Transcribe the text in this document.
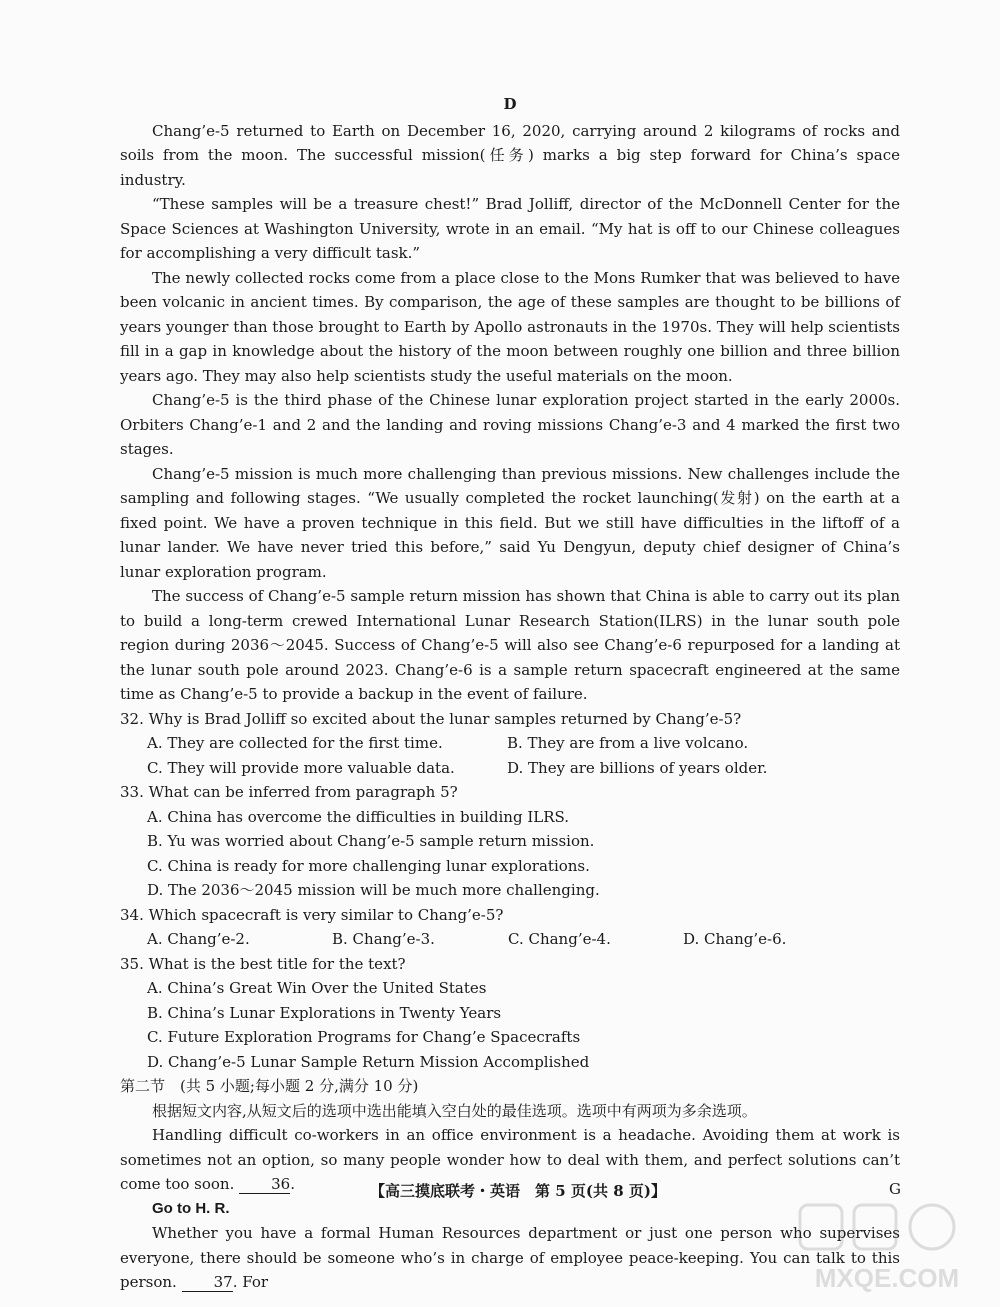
D

Chang’e-5 returned to Earth on December 16, 2020, carrying around 2 kilograms of rocks and soils from the moon. The successful mission(任务) marks a big step forward for China’s space industry.

“These samples will be a treasure chest!” Brad Jolliff, director of the McDonnell Center for the Space Sciences at Washington University, wrote in an email. “My hat is off to our Chinese colleagues for accomplishing a very difficult task.”

The newly collected rocks come from a place close to the Mons Rumker that was believed to have been volcanic in ancient times. By comparison, the age of these samples are thought to be billions of years younger than those brought to Earth by Apollo astronauts in the 1970s. They will help scientists fill in a gap in knowledge about the history of the moon between roughly one billion and three billion years ago. They may also help scientists study the useful materials on the moon.

Chang’e-5 is the third phase of the Chinese lunar exploration project started in the early 2000s. Orbiters Chang’e-1 and 2 and the landing and roving missions Chang’e-3 and 4 marked the first two stages.

Chang’e-5 mission is much more challenging than previous missions. New challenges include the sampling and following stages. “We usually completed the rocket launching(发射) on the earth at a fixed point. We have a proven technique in this field. But we still have difficulties in the liftoff of a lunar lander. We have never tried this before,” said Yu Dengyun, deputy chief designer of China’s lunar exploration program.

The success of Chang’e-5 sample return mission has shown that China is able to carry out its plan to build a long-term crewed International Lunar Research Station(ILRS) in the lunar south pole region during 2036～2045. Success of Chang’e-5 will also see Chang’e-6 repurposed for a landing at the lunar south pole around 2023. Chang’e-6 is a sample return spacecraft engineered at the same time as Chang’e-5 to provide a backup in the event of failure.

32. Why is Brad Jolliff so excited about the lunar samples returned by Chang’e-5?

A. They are collected for the first time.	B. They are from a live volcano.

C. They will provide more valuable data.	D. They are billions of years older.

33. What can be inferred from paragraph 5?

A. China has overcome the difficulties in building ILRS.

B. Yu was worried about Chang’e-5 sample return mission.

C. China is ready for more challenging lunar explorations.

D. The 2036～2045 mission will be much more challenging.

34. Which spacecraft is very similar to Chang’e-5?

A. Chang’e-2.	B. Chang’e-3.	C. Chang’e-4.	D. Chang’e-6.

35. What is the best title for the text?

A. China’s Great Win Over the United States

B. China’s Lunar Explorations in Twenty Years

C. Future Exploration Programs for Chang’e Spacecrafts

D. Chang’e-5 Lunar Sample Return Mission Accomplished

第二节　(共 5 小题;每小题 2 分,满分 10 分)

根据短文内容,从短文后的选项中选出能填入空白处的最佳选项。选项中有两项为多余选项。

Handling difficult co-workers in an office environment is a headache. Avoiding them at work is sometimes not an option, so many people wonder how to deal with them, and perfect solutions can’t come too soon. 36.

Go to H. R.

Whether you have a formal Human Resources department or just one person who supervises everyone, there should be someone who’s in charge of employee peace-keeping. You can talk to this person. 37. For

【高三摸底联考・英语　第 5 页(共 8 页)】	G
MXQE.COM
